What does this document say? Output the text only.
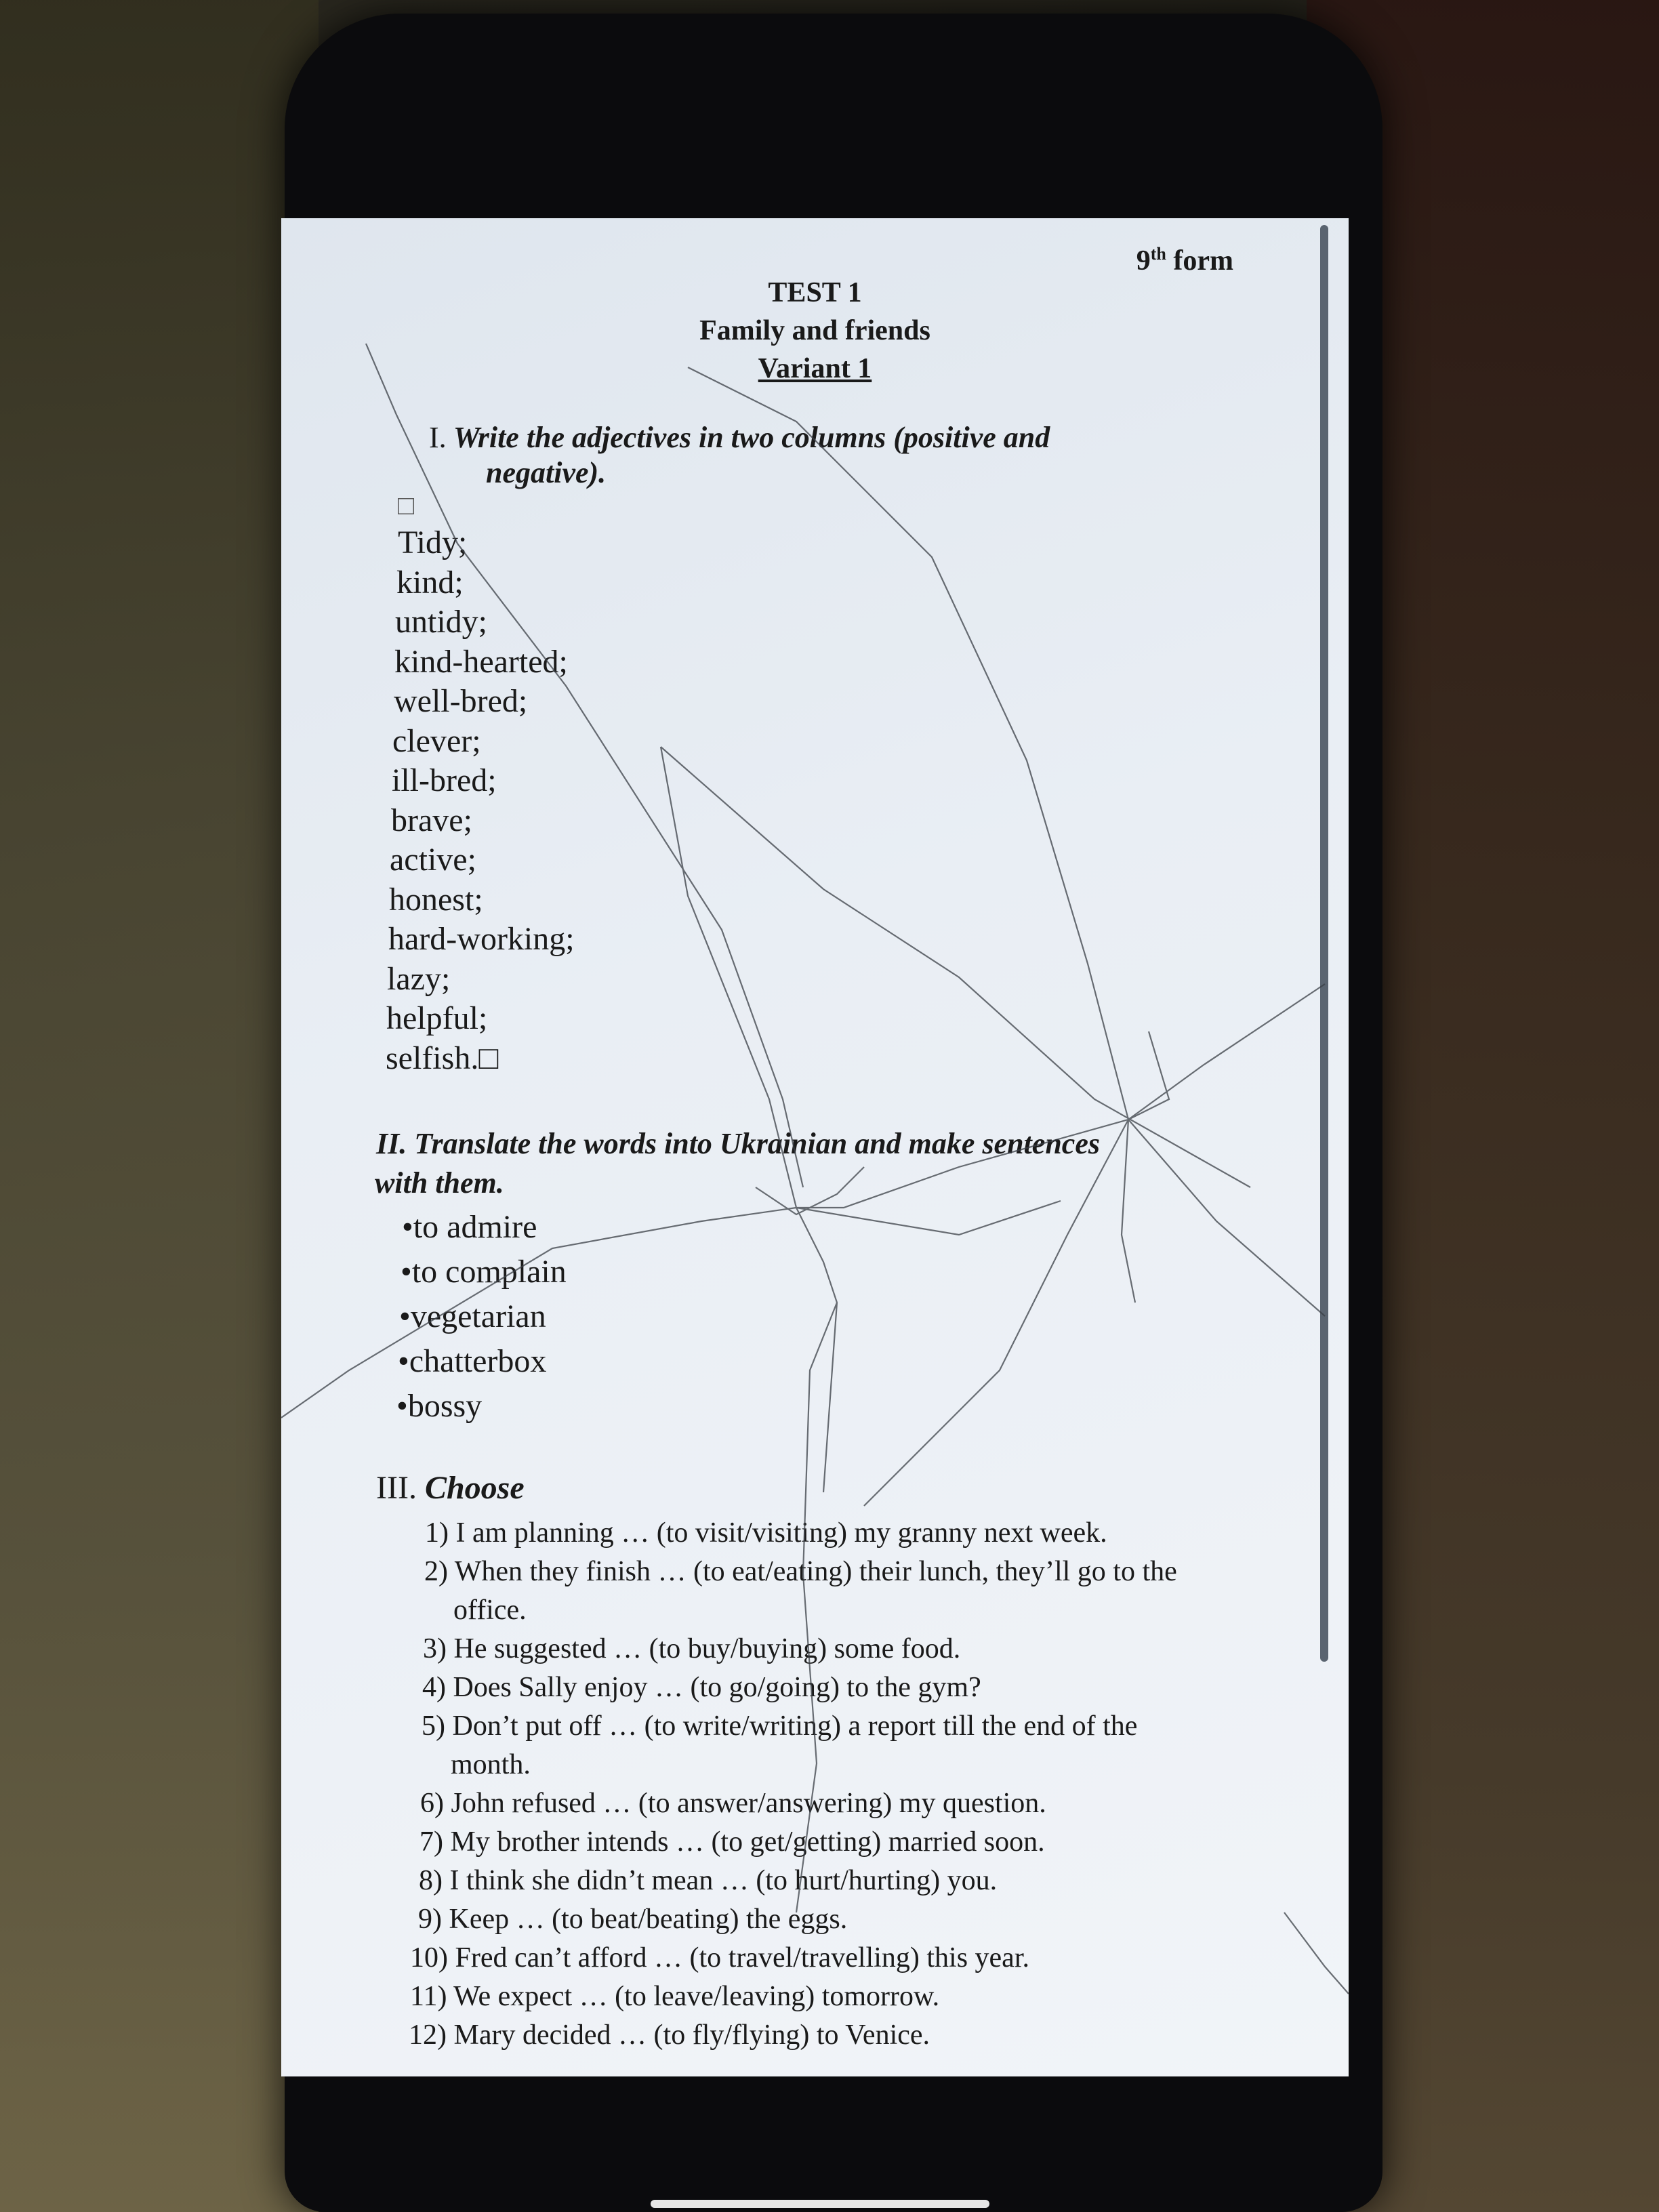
9th form
TEST 1
Family and friends
Variant 1
I. Write the adjectives in two columns (positive and
negative).
□
Tidy;
kind;
untidy;
kind-hearted;
well-bred;
clever;
ill-bred;
brave;
active;
honest;
hard-working;
lazy;
helpful;
selfish.□
II. Translate the words into Ukrainian and make sentences
with them.
• to admire
• to complain
• vegetarian
• chatterbox
• bossy
III. Choose
1) I am planning … (to visit/visiting) my granny next week.
2) When they finish … (to eat/eating) their lunch, they’ll go to the
office.
3) He suggested … (to buy/buying) some food.
4) Does Sally enjoy … (to go/going) to the gym?
5) Don’t put off … (to write/writing) a report till the end of the
month.
6) John refused … (to answer/answering) my question.
7) My brother intends … (to get/getting) married soon.
8) I think she didn’t mean … (to hurt/hurting) you.
9) Keep … (to beat/beating) the eggs.
10) Fred can’t afford … (to travel/travelling) this year.
11) We expect … (to leave/leaving) tomorrow.
12) Mary decided … (to fly/flying) to Venice.
